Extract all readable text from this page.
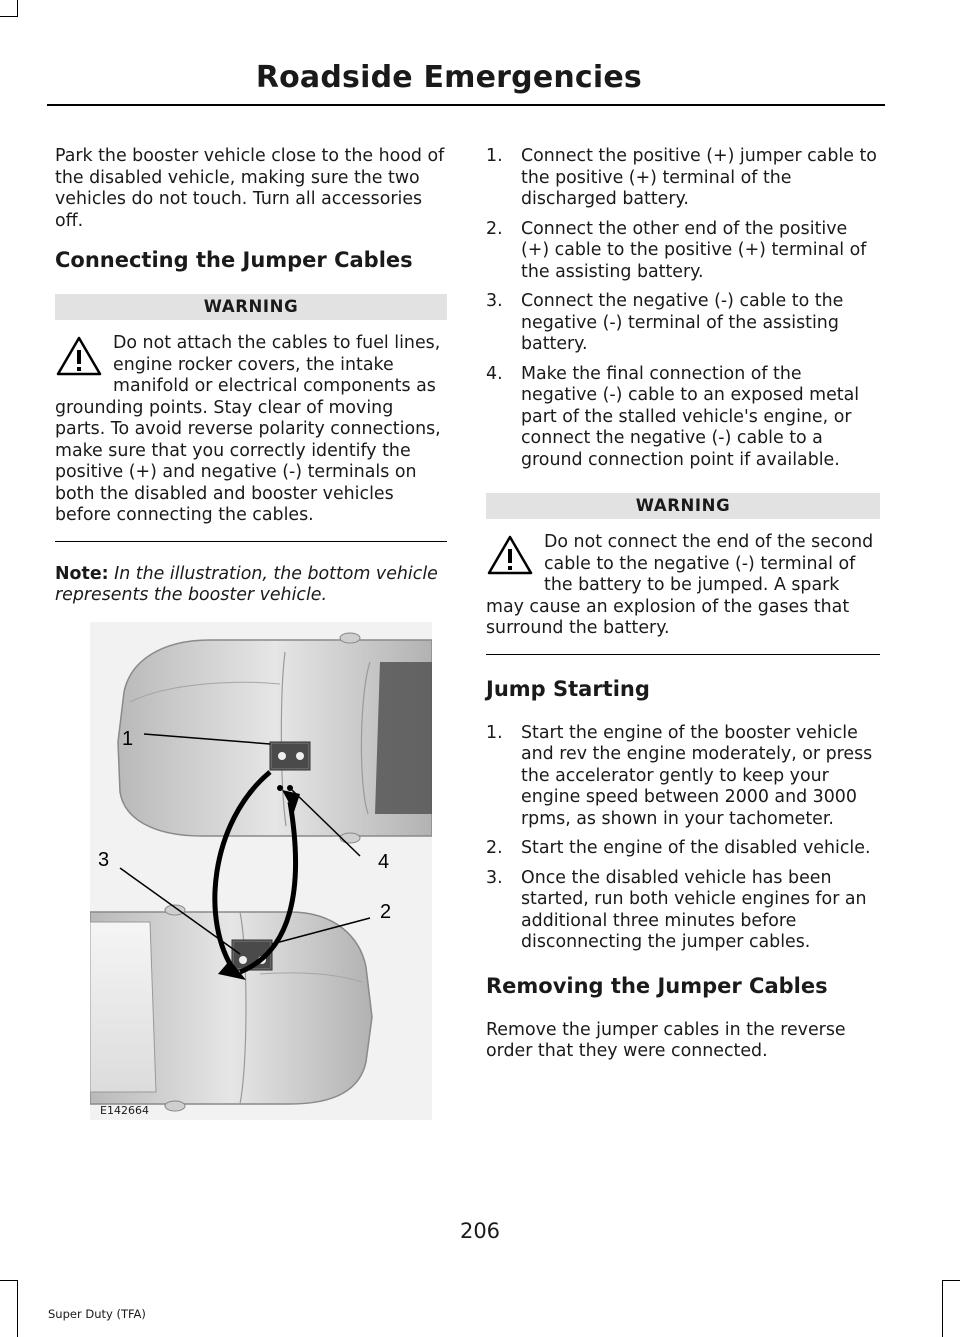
Roadside Emergencies

Park the booster vehicle close to the hood of the disabled vehicle, making sure the two vehicles do not touch. Turn all accessories off.

Connecting the Jumper Cables
WARNING

Do not attach the cables to fuel lines, engine rocker covers, the intake manifold or electrical components as grounding points. Stay clear of moving parts. To avoid reverse polarity connections, make sure that you correctly identify the positive (+) and negative (-) terminals on both the disabled and booster vehicles before connecting the cables.

Note: In the illustration, the bottom vehicle represents the booster vehicle.

1
2
3	4
E142664
1. Connect the positive (+) jumper cable to the positive (+) terminal of the discharged battery.
2. Connect the other end of the positive (+) cable to the positive (+) terminal of the assisting battery.
3. Connect the negative (-) cable to the negative (-) terminal of the assisting battery.
4. Make the final connection of the negative (-) cable to an exposed metal part of the stalled vehicle's engine, or connect the negative (-) cable to a ground connection point if available.
WARNING

Do not connect the end of the second cable to the negative (-) terminal of the battery to be jumped. A spark may cause an explosion of the gases that surround the battery.

Jump Starting
1. Start the engine of the booster vehicle and rev the engine moderately, or press the accelerator gently to keep your engine speed between 2000 and 3000 rpms, as shown in your tachometer.
2. Start the engine of the disabled vehicle.
3. Once the disabled vehicle has been started, run both vehicle engines for an additional three minutes before disconnecting the jumper cables.
Removing the Jumper Cables

Remove the jumper cables in the reverse order that they were connected.

206
Super Duty (TFA)
